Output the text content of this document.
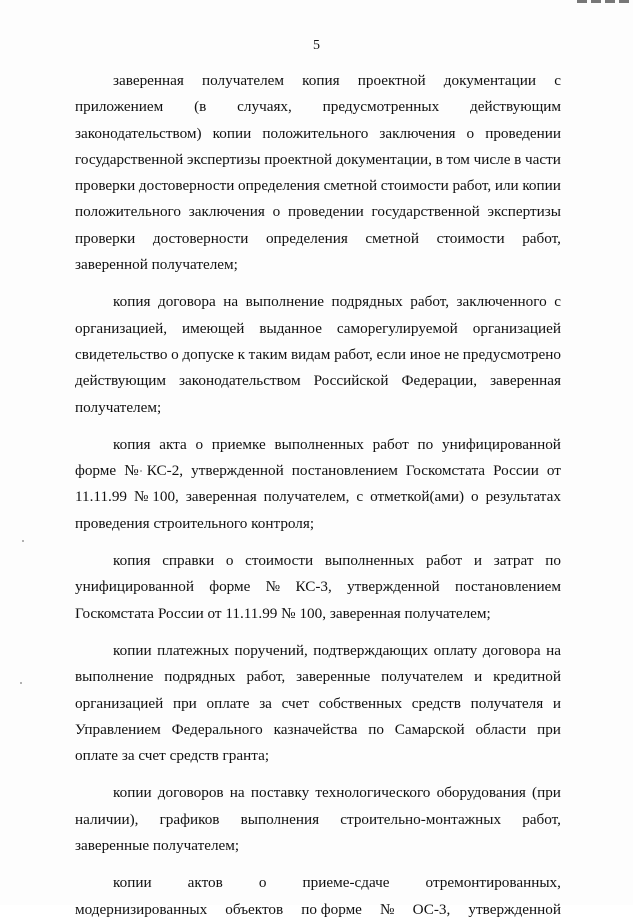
5
заверенная получателем копия проектной документации с
приложением (в случаях, предусмотренных действующим
законодательством) копии положительного заключения о проведении
государственной экспертизы проектной документации, в том числе в части
проверки достоверности определения сметной стоимости работ, или копии
положительного заключения о проведении государственной экспертизы
проверки достоверности определения сметной стоимости работ,
заверенной получателем;
копия договора на выполнение подрядных работ, заключенного с
организацией, имеющей выданное саморегулируемой организацией
свидетельство о допуске к таким видам работ, если иное не предусмотрено
действующим законодательством Российской Федерации, заверенная
получателем;
копия акта о приемке выполненных работ по унифицированной
форме № КС-2, утвержденной постановлением Госкомстата России от
11.11.99 № 100, заверенная получателем, с отметкой(ами) о результатах
проведения строительного контроля;
копия справки о стоимости выполненных работ и затрат по
унифицированной форме № КС-3, утвержденной постановлением
Госкомстата России от 11.11.99 № 100, заверенная получателем;
копии платежных поручений, подтверждающих оплату договора на
выполнение подрядных работ, заверенные получателем и кредитной
организацией при оплате за счет собственных средств получателя и
Управлением Федерального казначейства по Самарской области при
оплате за счет средств гранта;
копии договоров на поставку технологического оборудования (при
наличии), графиков выполнения строительно-монтажных работ,
заверенные получателем;
копии актов о приеме-сдаче отремонтированных,
модернизированных объектов по форме № ОС-3, утвержденной
